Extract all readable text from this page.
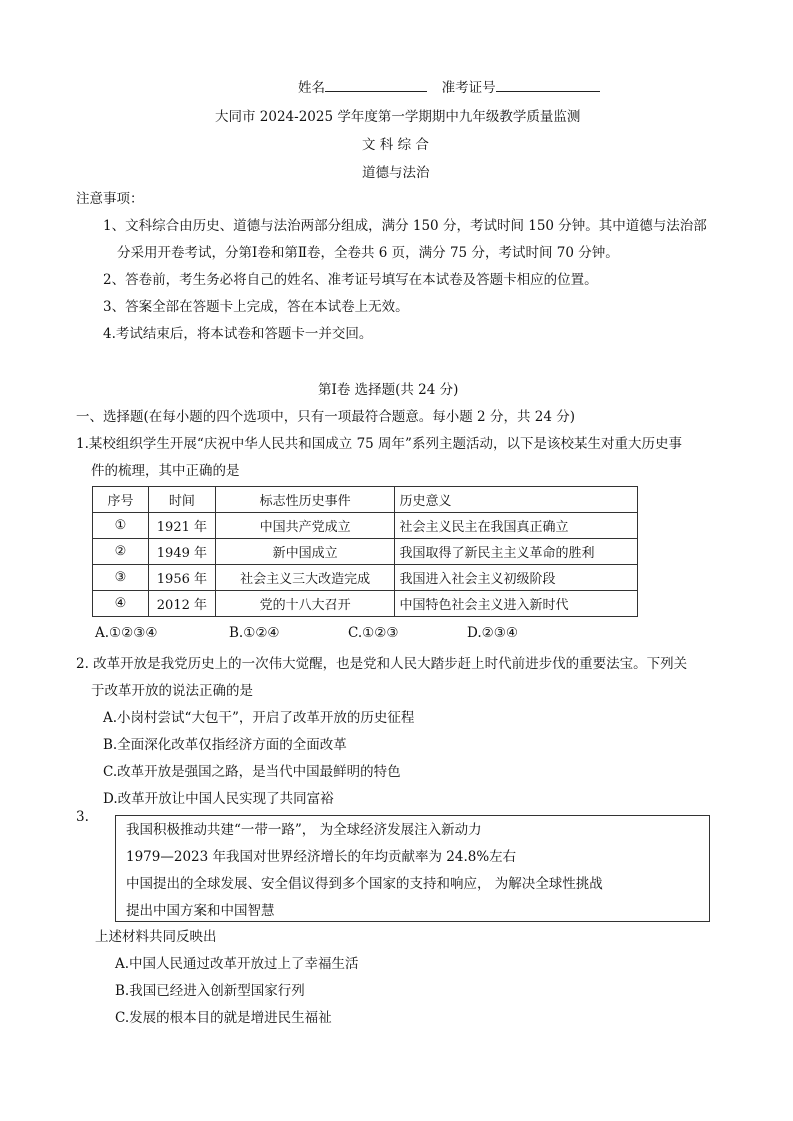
姓名	准考证号
大同市 2024-2025 学年度第一学期期中九年级教学质量监测
文 科 综 合
道德与法治
注意事项：
1、文科综合由历史、道德与法治两部分组成，满分 150 分，考试时间 150 分钟。其中道德与法治部
分采用开卷考试，分第Ⅰ卷和第Ⅱ卷，全卷共 6 页，满分 75 分，考试时间 70 分钟。
2、答卷前，考生务必将自己的姓名、准考证号填写在本试卷及答题卡相应的位置。
3、答案全部在答题卡上完成，答在本试卷上无效。
4.考试结束后，将本试卷和答题卡一并交回。
第Ⅰ卷 选择题(共 24 分)
一、选择题(在每小题的四个选项中，只有一项最符合题意。每小题 2 分，共 24 分)
1.某校组织学生开展“庆祝中华人民共和国成立 75 周年”系列主题活动，以下是该校某生对重大历史事
件的梳理，其中正确的是
序号	时间	标志性历史事件	历史意义
①	1921 年	中国共产党成立	社会主义民主在我国真正确立
②	1949 年	新中国成立	我国取得了新民主主义革命的胜利
③	1956 年	社会主义三大改造完成	我国进入社会主义初级阶段
④	2012 年	党的十八大召开	中国特色社会主义进入新时代
A.①②③④	B.①②④	C.①②③	D.②③④
2. 改革开放是我党历史上的一次伟大觉醒，也是党和人民大踏步赶上时代前进步伐的重要法宝。下列关
于改革开放的说法正确的是
A.小岗村尝试“大包干”，开启了改革开放的历史征程
B.全面深化改革仅指经济方面的全面改革
C.改革开放是强国之路，是当代中国最鲜明的特色
D.改革开放让中国人民实现了共同富裕
3.
我国积极推动共建“一带一路”， 为全球经济发展注入新动力
1979—2023 年我国对世界经济增长的年均贡献率为 24.8%左右
中国提出的全球发展、安全倡议得到多个国家的支持和响应， 为解决全球性挑战
提出中国方案和中国智慧
上述材料共同反映出
A.中国人民通过改革开放过上了幸福生活
B.我国已经进入创新型国家行列
C.发展的根本目的就是增进民生福祉
